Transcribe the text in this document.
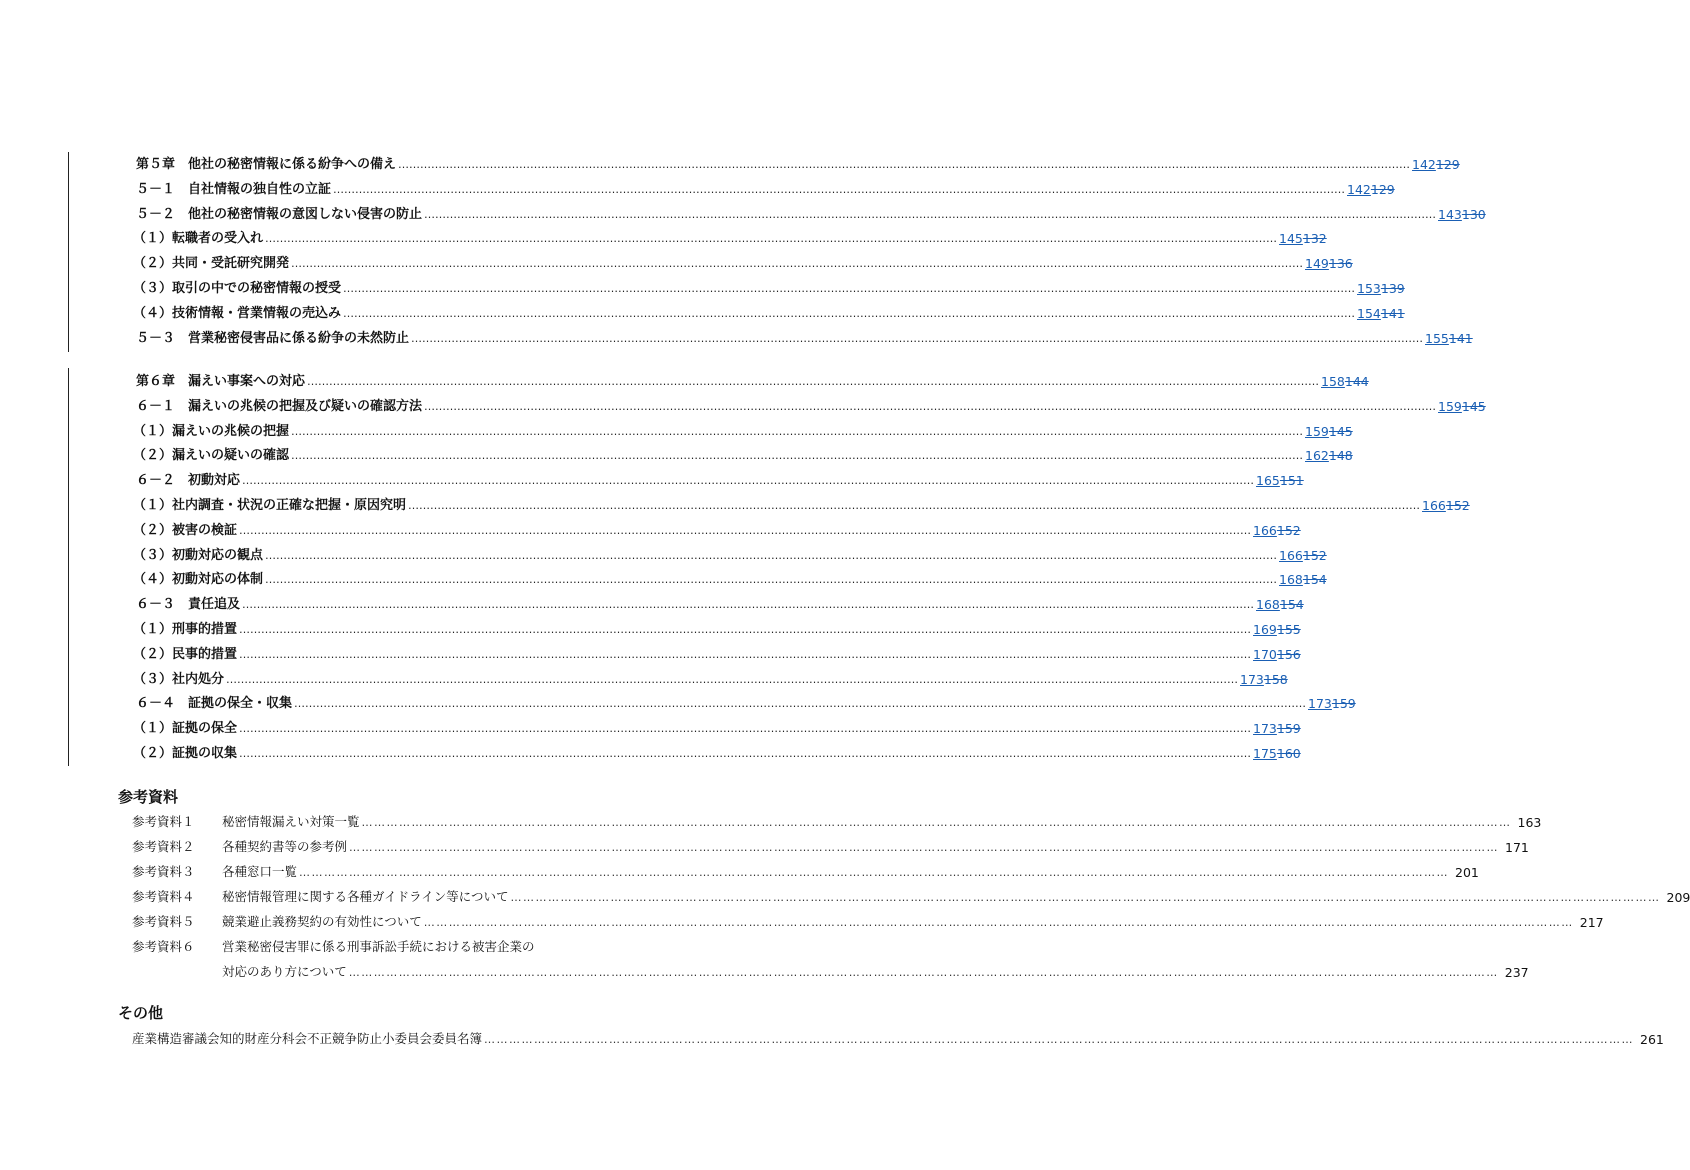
第５章　他社の秘密情報に係る紛争への備え …………………………………………………………………………………………………………………………………………………………………………………………………………………………………………………… 142129
５－１　自社情報の独自性の立証 …………………………………………………………………………………………………………………………………………………………………………………………………………………………………………………… 142129
５－２　他社の秘密情報の意図しない侵害の防止 …………………………………………………………………………………………………………………………………………………………………………………………………………………………………………………… 143130
（１）転職者の受入れ …………………………………………………………………………………………………………………………………………………………………………………………………………………………………………………… 145132
（２）共同・受託研究開発 …………………………………………………………………………………………………………………………………………………………………………………………………………………………………………………… 149136
（３）取引の中での秘密情報の授受 …………………………………………………………………………………………………………………………………………………………………………………………………………………………………………………… 153139
（４）技術情報・営業情報の売込み …………………………………………………………………………………………………………………………………………………………………………………………………………………………………………………… 154141
５－３　営業秘密侵害品に係る紛争の未然防止 …………………………………………………………………………………………………………………………………………………………………………………………………………………………………………………… 155141
第６章　漏えい事案への対応 …………………………………………………………………………………………………………………………………………………………………………………………………………………………………………………… 158144
６－１　漏えいの兆候の把握及び疑いの確認方法 …………………………………………………………………………………………………………………………………………………………………………………………………………………………………………………… 159145
（１）漏えいの兆候の把握 …………………………………………………………………………………………………………………………………………………………………………………………………………………………………………………… 159145
（２）漏えいの疑いの確認 …………………………………………………………………………………………………………………………………………………………………………………………………………………………………………………… 162148
６－２　初動対応 …………………………………………………………………………………………………………………………………………………………………………………………………………………………………………………… 165151
（１）社内調査・状況の正確な把握・原因究明 …………………………………………………………………………………………………………………………………………………………………………………………………………………………………………………… 166152
（２）被害の検証 …………………………………………………………………………………………………………………………………………………………………………………………………………………………………………………… 166152
（３）初動対応の観点 …………………………………………………………………………………………………………………………………………………………………………………………………………………………………………………… 166152
（４）初動対応の体制 …………………………………………………………………………………………………………………………………………………………………………………………………………………………………………………… 168154
６－３　責任追及 …………………………………………………………………………………………………………………………………………………………………………………………………………………………………………………… 168154
（１）刑事的措置 …………………………………………………………………………………………………………………………………………………………………………………………………………………………………………………… 169155
（２）民事的措置 …………………………………………………………………………………………………………………………………………………………………………………………………………………………………………………… 170156
（３）社内処分 …………………………………………………………………………………………………………………………………………………………………………………………………………………………………………………… 173158
６－４　証拠の保全・収集 …………………………………………………………………………………………………………………………………………………………………………………………………………………………………………………… 173159
（１）証拠の保全 …………………………………………………………………………………………………………………………………………………………………………………………………………………………………………………… 173159
（２）証拠の収集 …………………………………………………………………………………………………………………………………………………………………………………………………………………………………………………… 175160
参考資料
参考資料１	秘密情報漏えい対策一覧 …………………………………………………………………………………………………………………………………………………………………………………………………………………………………………………… 163
参考資料２	各種契約書等の参考例 …………………………………………………………………………………………………………………………………………………………………………………………………………………………………………………… 171
参考資料３	各種窓口一覧 …………………………………………………………………………………………………………………………………………………………………………………………………………………………………………………… 201
参考資料４	秘密情報管理に関する各種ガイドライン等について …………………………………………………………………………………………………………………………………………………………………………………………………………………………………………………… 209
参考資料５	競業避止義務契約の有効性について …………………………………………………………………………………………………………………………………………………………………………………………………………………………………………………… 217
参考資料６	営業秘密侵害罪に係る刑事訴訟手続における被害企業の
対応のあり方について …………………………………………………………………………………………………………………………………………………………………………………………………………………………………………………… 237
その他
産業構造審議会知的財産分科会不正競争防止小委員会委員名簿 …………………………………………………………………………………………………………………………………………………………………………………………………………………………………………………… 261
